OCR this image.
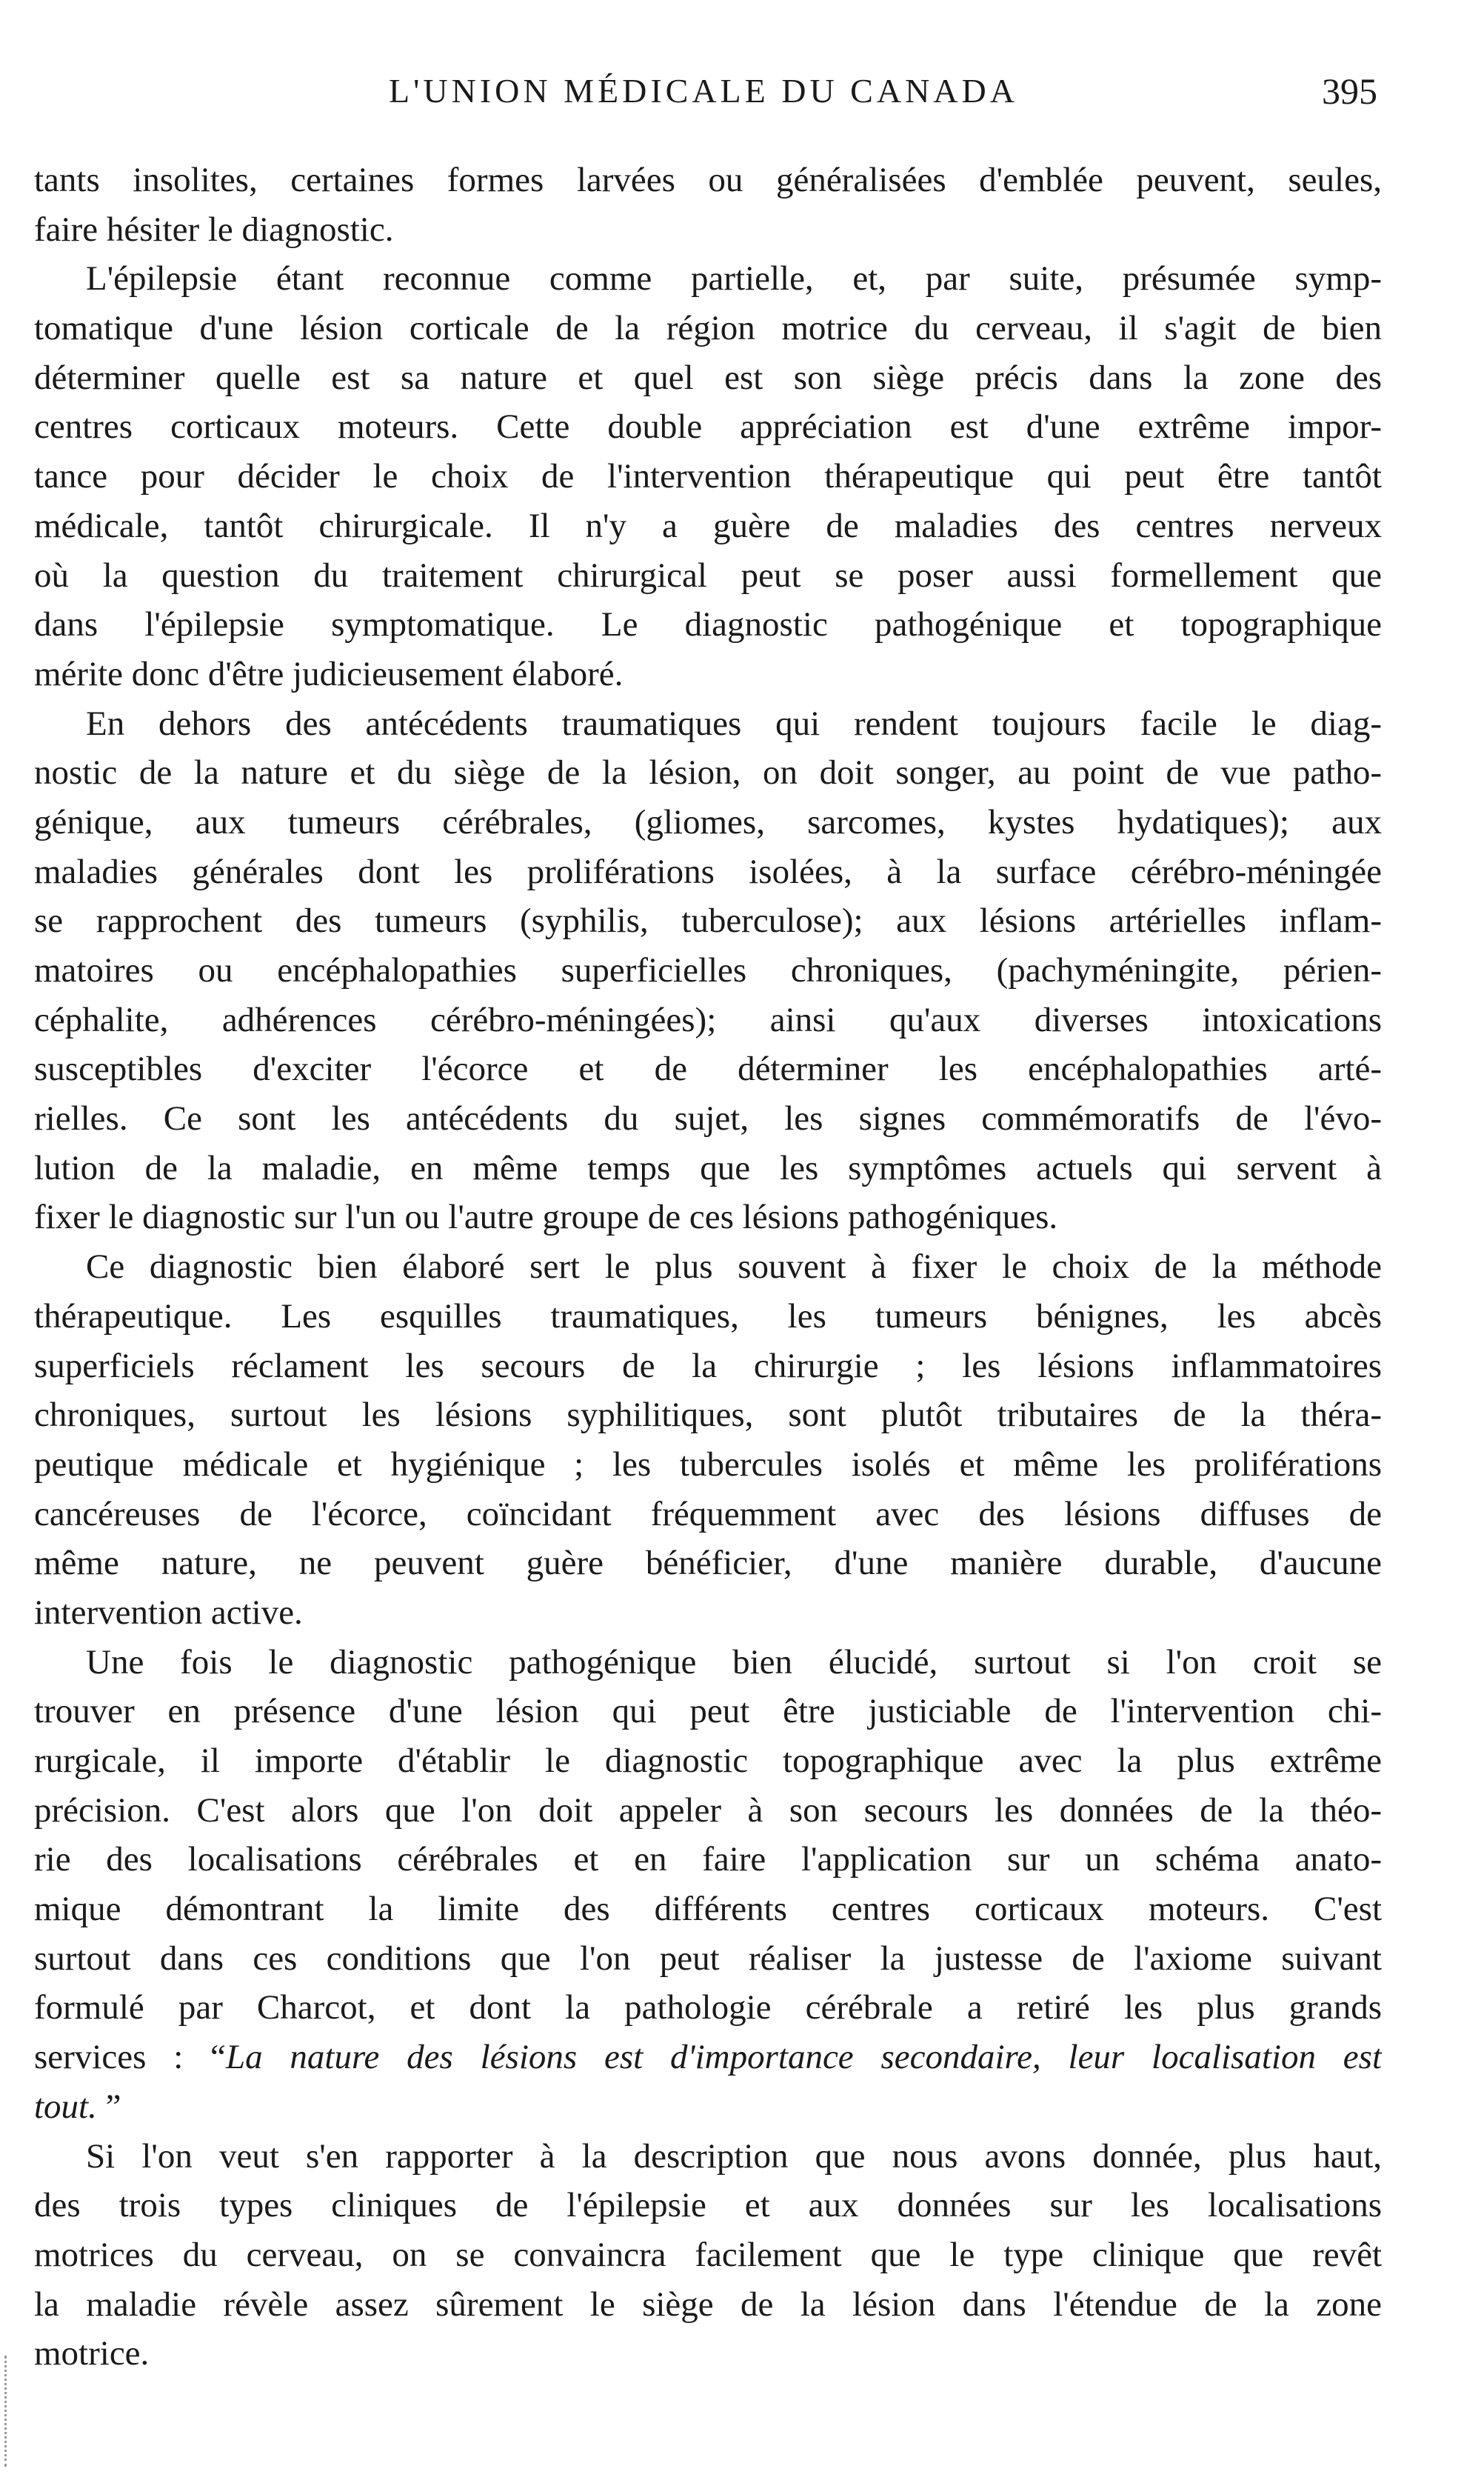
L'UNION MÉDICALE DU CANADA	395
tants insolites, certaines formes larvées ou généralisées d'emblée peuvent, seules,
faire hésiter le diagnostic.
L'épilepsie étant reconnue comme partielle, et, par suite, présumée symp-
tomatique d'une lésion corticale de la région motrice du cerveau, il s'agit de bien
déterminer quelle est sa nature et quel est son siège précis dans la zone des
centres corticaux moteurs. Cette double appréciation est d'une extrême impor-
tance pour décider le choix de l'intervention thérapeutique qui peut être tantôt
médicale, tantôt chirurgicale. Il n'y a guère de maladies des centres nerveux
où la question du traitement chirurgical peut se poser aussi formellement que
dans l'épilepsie symptomatique. Le diagnostic pathogénique et topographique
mérite donc d'être judicieusement élaboré.
En dehors des antécédents traumatiques qui rendent toujours facile le diag-
nostic de la nature et du siège de la lésion, on doit songer, au point de vue patho-
génique, aux tumeurs cérébrales, (gliomes, sarcomes, kystes hydatiques); aux
maladies générales dont les proliférations isolées, à la surface cérébro-méningée
se rapprochent des tumeurs (syphilis, tuberculose); aux lésions artérielles inflam-
matoires ou encéphalopathies superficielles chroniques, (pachyméningite, périen-
céphalite, adhérences cérébro-méningées); ainsi qu'aux diverses intoxications
susceptibles d'exciter l'écorce et de déterminer les encéphalopathies arté-
rielles. Ce sont les antécédents du sujet, les signes commémoratifs de l'évo-
lution de la maladie, en même temps que les symptômes actuels qui servent à
fixer le diagnostic sur l'un ou l'autre groupe de ces lésions pathogéniques.
Ce diagnostic bien élaboré sert le plus souvent à fixer le choix de la méthode
thérapeutique. Les esquilles traumatiques, les tumeurs bénignes, les abcès
superficiels réclament les secours de la chirurgie ; les lésions inflammatoires
chroniques, surtout les lésions syphilitiques, sont plutôt tributaires de la théra-
peutique médicale et hygiénique ; les tubercules isolés et même les proliférations
cancéreuses de l'écorce, coïncidant fréquemment avec des lésions diffuses de
même nature, ne peuvent guère bénéficier, d'une manière durable, d'aucune
intervention active.
Une fois le diagnostic pathogénique bien élucidé, surtout si l'on croit se
trouver en présence d'une lésion qui peut être justiciable de l'intervention chi-
rurgicale, il importe d'établir le diagnostic topographique avec la plus extrême
précision. C'est alors que l'on doit appeler à son secours les données de la théo-
rie des localisations cérébrales et en faire l'application sur un schéma anato-
mique démontrant la limite des différents centres corticaux moteurs. C'est
surtout dans ces conditions que l'on peut réaliser la justesse de l'axiome suivant
formulé par Charcot, et dont la pathologie cérébrale a retiré les plus grands
services : “La nature des lésions est d'importance secondaire, leur localisation est
tout. ”
Si l'on veut s'en rapporter à la description que nous avons donnée, plus haut,
des trois types cliniques de l'épilepsie et aux données sur les localisations
motrices du cerveau, on se convaincra facilement que le type clinique que revêt
la maladie révèle assez sûrement le siège de la lésion dans l'étendue de la zone
motrice.
